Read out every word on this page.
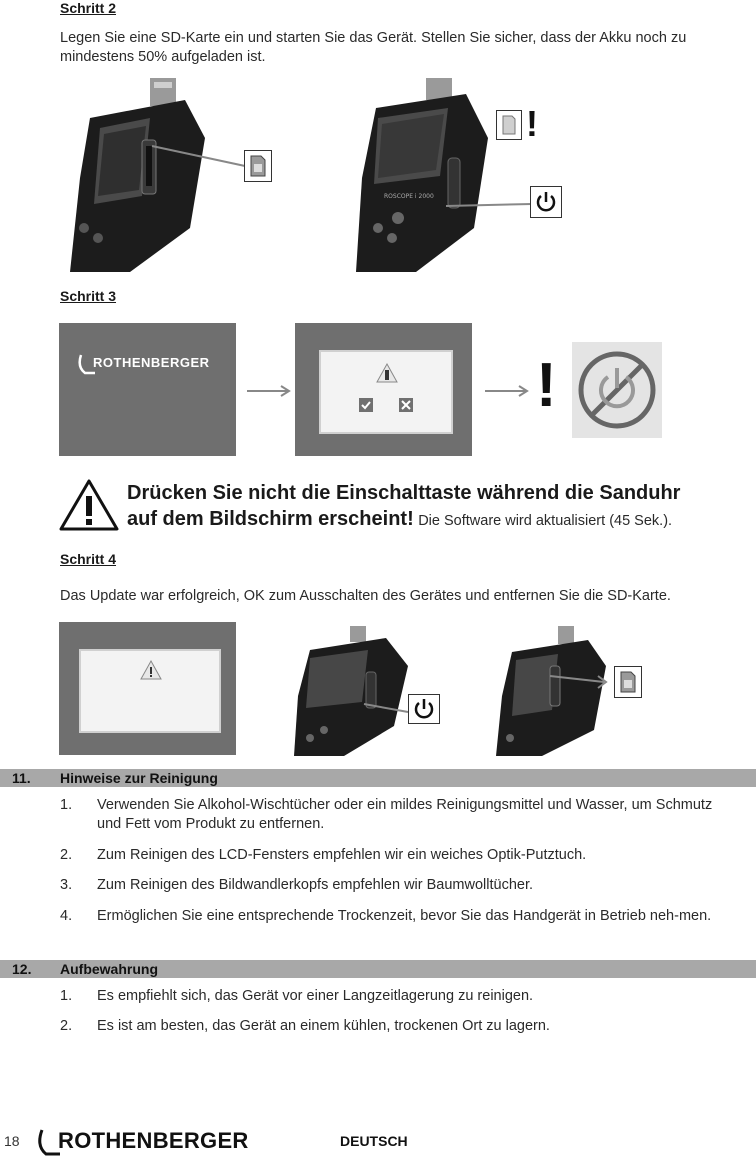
Schritt 2
Legen Sie eine SD-Karte ein und starten Sie das Gerät. Stellen Sie sicher, dass der Akku noch zu mindestens 50% aufgeladen ist.
ROSCOPE i 2000
!
Schritt 3
ROTHENBERGER	!
Drücken Sie nicht die Einschalttaste während die Sanduhr
auf dem Bildschirm erscheint! Die Software wird aktualisiert (45 Sek.).
Schritt 4
Das Update war erfolgreich, OK zum Ausschalten des Gerätes und entfernen Sie die SD-Karte.
11. Hinweise zur Reinigung
1. Verwenden Sie Alkohol-Wischtücher oder ein mildes Reinigungsmittel und Wasser, um Schmutz und Fett vom Produkt zu entfernen.
2. Zum Reinigen des LCD-Fensters empfehlen wir ein weiches Optik-Putztuch.
3. Zum Reinigen des Bildwandlerkopfs empfehlen wir Baumwolltücher.
4. Ermöglichen Sie eine entsprechende Trockenzeit, bevor Sie das Handgerät in Betrieb neh-men.
12. Aufbewahrung
1. Es empfiehlt sich, das Gerät vor einer Langzeitlagerung zu reinigen.
2. Es ist am besten, das Gerät an einem kühlen, trockenen Ort zu lagern.
18 ROTHENBERGER	DEUTSCH
